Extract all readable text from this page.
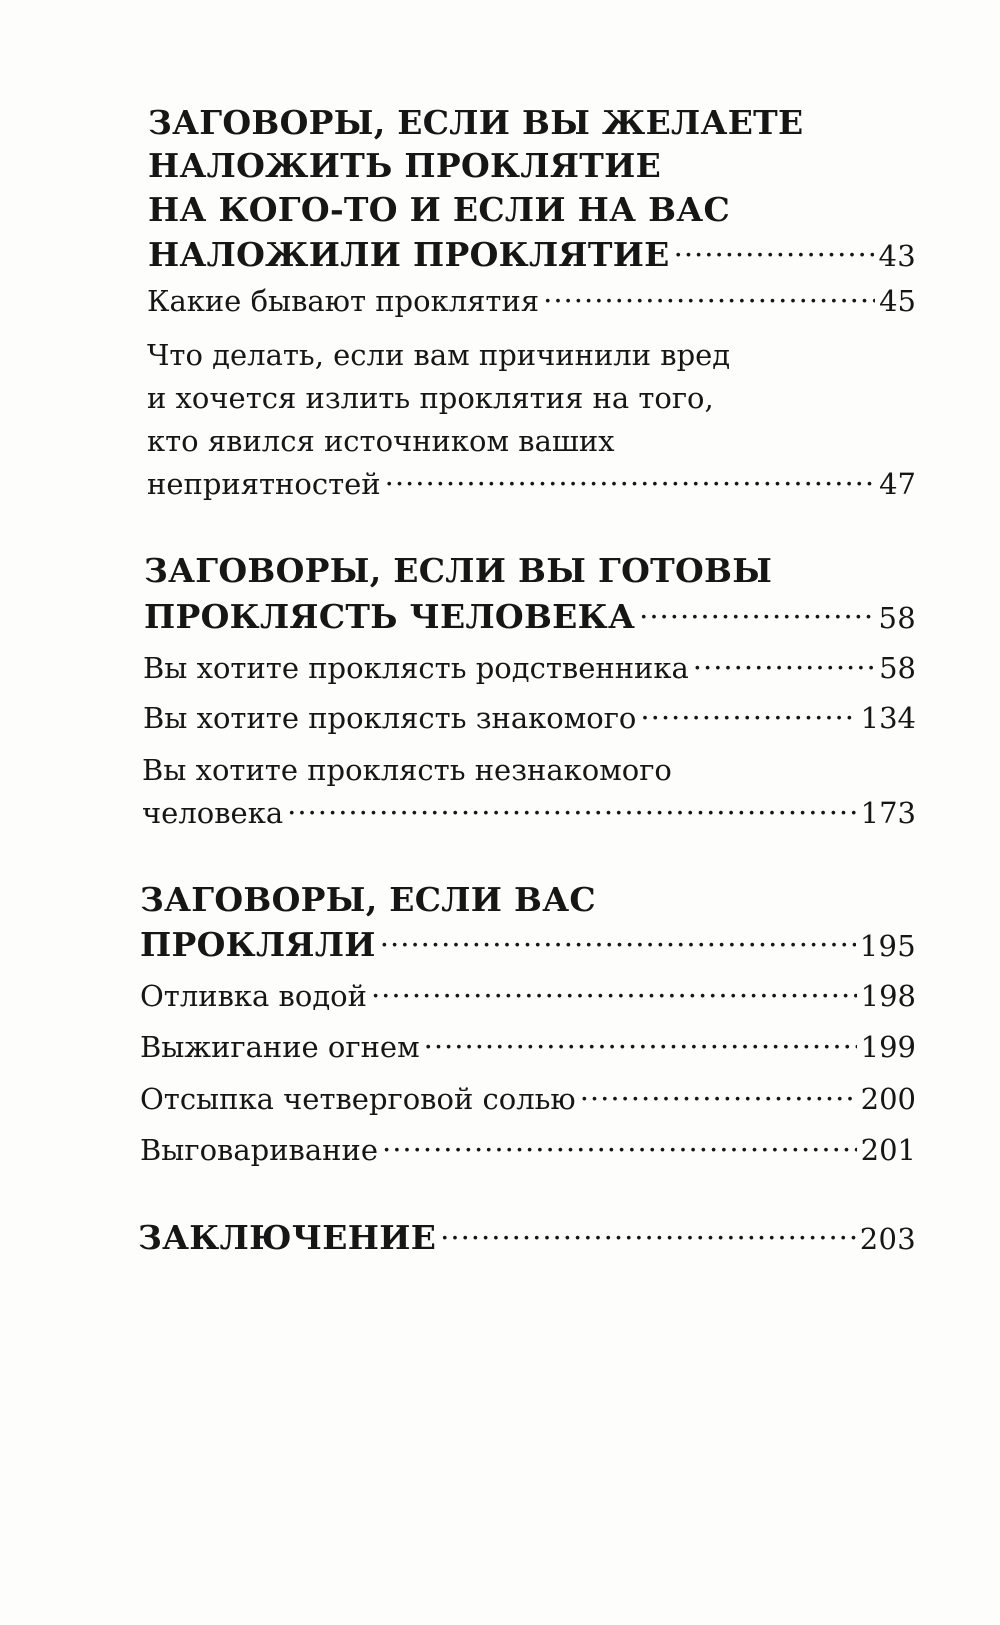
ЗАГОВОРЫ, ЕСЛИ ВЫ ЖЕЛАЕТЕ
НАЛОЖИТЬ ПРОКЛЯТИЕ
НА КОГО-ТО И ЕСЛИ НА ВАС
НАЛОЖИЛИ ПРОКЛЯТИЕ .....	43
Какие бывают проклятия .....	45
Что делать, если вам причинили вред
и хочется излить проклятия на того,
кто явился источником ваших
неприятностей .....	47
ЗАГОВОРЫ, ЕСЛИ ВЫ ГОТОВЫ
ПРОКЛЯСТЬ ЧЕЛОВЕКА .....	58
Вы хотите проклясть родственника .....	58
Вы хотите проклясть знакомого .....	134
Вы хотите проклясть незнакомого
человека .....	173
ЗАГОВОРЫ, ЕСЛИ ВАС
ПРОКЛЯЛИ .....	195
Отливка водой .....	198
Выжигание огнем .....	199
Отсыпка четверговой солью .....	200
Выговаривание .....	201
ЗАКЛЮЧЕНИЕ .....	203
